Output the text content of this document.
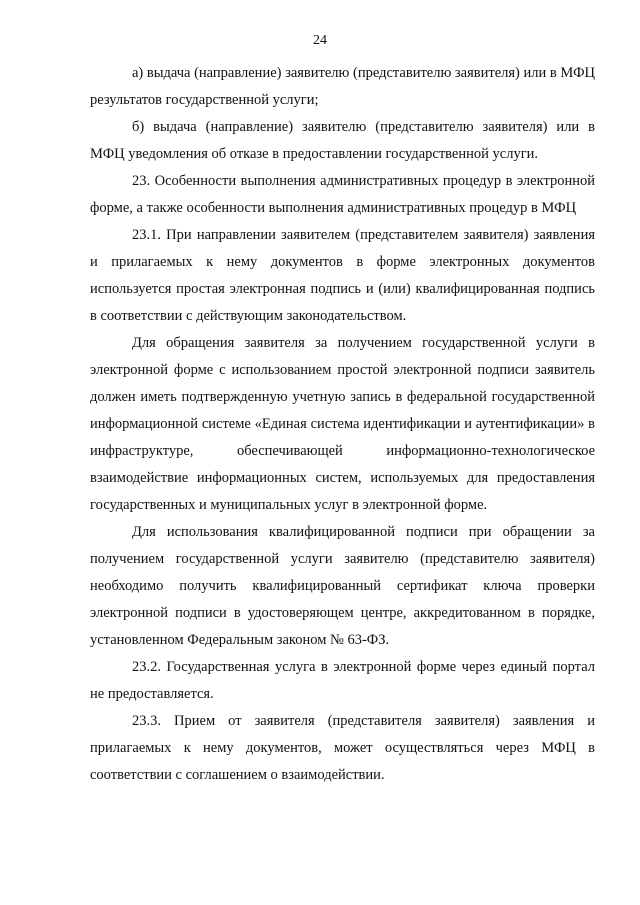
24

а) выдача (направление) заявителю (представителю заявителя) или в МФЦ результатов государственной услуги;

б) выдача (направление) заявителю (представителю заявителя) или в МФЦ уведомления об отказе в предоставлении государственной услуги.

23. Особенности выполнения административных процедур в электронной форме, а также особенности выполнения административных процедур в МФЦ

23.1. При направлении заявителем (представителем заявителя) заявления и прилагаемых к нему документов в форме электронных документов используется простая электронная подпись и (или) квалифицированная подпись в соответствии с действующим законодательством.

Для обращения заявителя за получением государственной услуги в электронной форме с использованием простой электронной подписи заявитель должен иметь подтвержденную учетную запись в федеральной государственной информационной системе «Единая система идентификации и аутентификации» в инфраструктуре, обеспечивающей информационно-технологическое взаимодействие информационных систем, используемых для предоставления государственных и муниципальных услуг в электронной форме.

Для использования квалифицированной подписи при обращении за получением государственной услуги заявителю (представителю заявителя) необходимо получить квалифицированный сертификат ключа проверки электронной подписи в удостоверяющем центре, аккредитованном в порядке, установленном Федеральным законом № 63-ФЗ.

23.2. Государственная услуга в электронной форме через единый портал не предоставляется.

23.3. Прием от заявителя (представителя заявителя) заявления и прилагаемых к нему документов, может осуществляться через МФЦ в соответствии с соглашением о взаимодействии.
